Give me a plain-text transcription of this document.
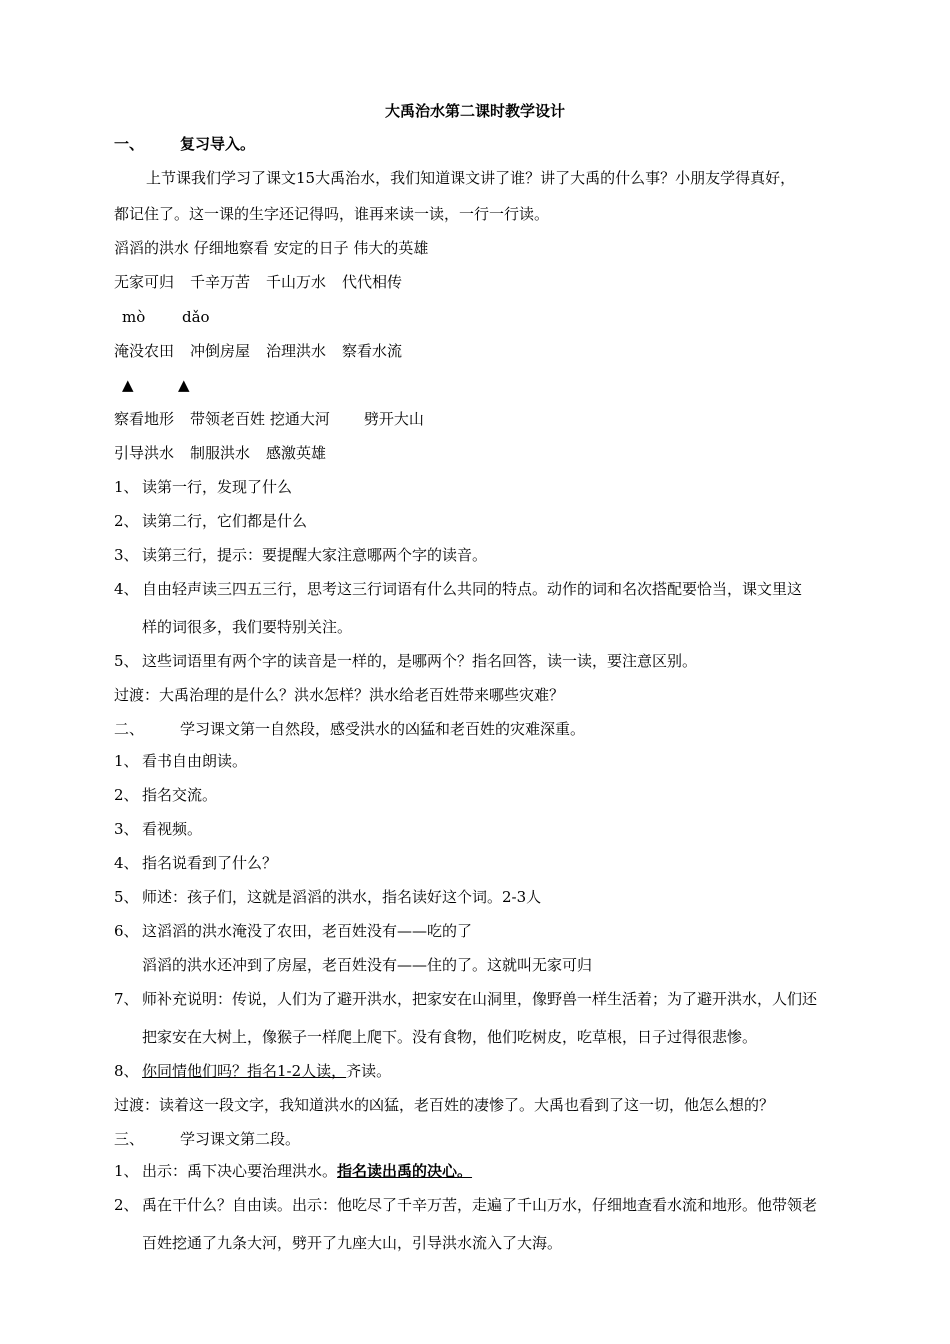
大禹治水第二课时教学设计
一、 复习导入。
上节课我们学习了课文15大禹治水，我们知道课文讲了谁？讲了大禹的什么事？小朋友学得真好，
都记住了。这一课的生字还记得吗，谁再来读一读，一行一行读。
滔滔的洪水 仔细地察看 安定的日子 伟大的英雄
无家可归 千辛万苦 千山万水 代代相传
mò dǎo
淹没农田 冲倒房屋 治理洪水 察看水流
▲	▲
察看地形 带领老百姓 挖通大河 劈开大山
引导洪水 制服洪水 感激英雄
1、 读第一行，发现了什么
2、 读第二行，它们都是什么
3、 读第三行，提示：要提醒大家注意哪两个字的读音。
4、 自由轻声读三四五三行，思考这三行词语有什么共同的特点。动作的词和名次搭配要恰当，课文里这
样的词很多，我们要特别关注。
5、 这些词语里有两个字的读音是一样的，是哪两个？指名回答，读一读，要注意区别。
过渡：大禹治理的是什么？洪水怎样？洪水给老百姓带来哪些灾难？
二、 学习课文第一自然段，感受洪水的凶猛和老百姓的灾难深重。
1、 看书自由朗读。
2、 指名交流。
3、 看视频。
4、 指名说看到了什么？
5、 师述：孩子们，这就是滔滔的洪水，指名读好这个词。2-3人
6、 这滔滔的洪水淹没了农田，老百姓没有——吃的了
滔滔的洪水还冲到了房屋，老百姓没有——住的了。这就叫无家可归
7、 师补充说明：传说，人们为了避开洪水，把家安在山洞里，像野兽一样生活着；为了避开洪水，人们还
把家安在大树上，像猴子一样爬上爬下。没有食物，他们吃树皮，吃草根，日子过得很悲惨。
8、 你同情他们吗？指名1-2人读，齐读。
过渡：读着这一段文字，我知道洪水的凶猛，老百姓的凄惨了。大禹也看到了这一切，他怎么想的？
三、 学习课文第二段。
1、 出示：禹下决心要治理洪水。指名读出禹的决心。
2、 禹在干什么？自由读。出示：他吃尽了千辛万苦，走遍了千山万水，仔细地查看水流和地形。他带领老
百姓挖通了九条大河，劈开了九座大山，引导洪水流入了大海。
